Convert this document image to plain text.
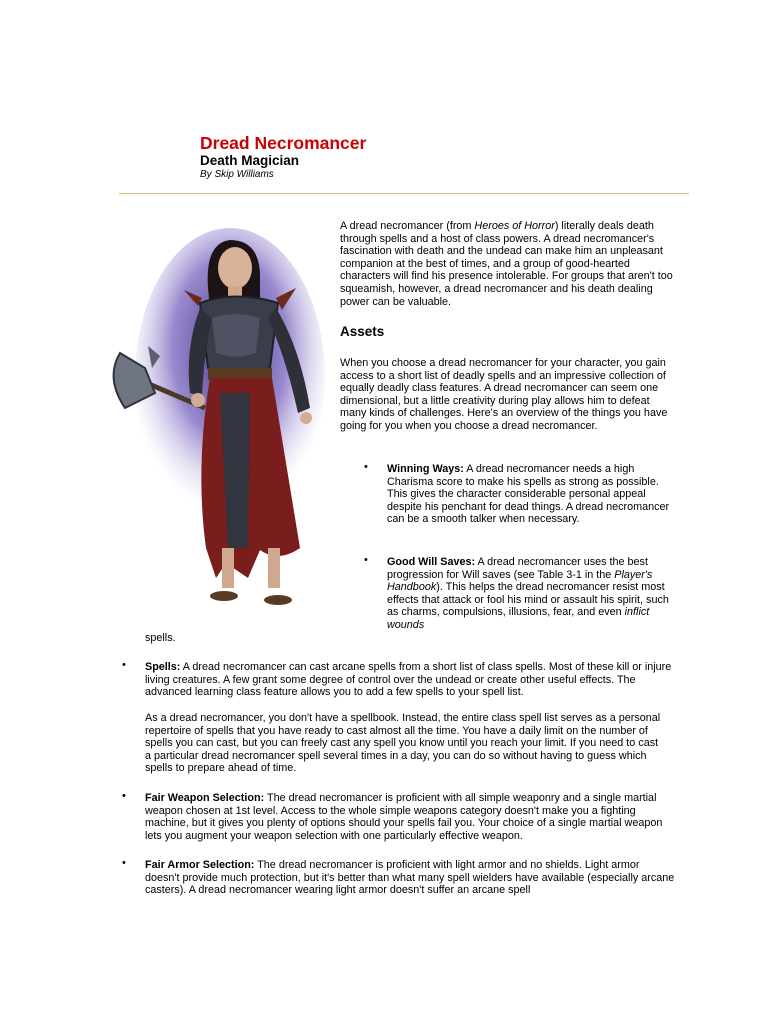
Dread Necromancer
Death Magician
By Skip Williams

A dread necromancer (from Heroes of Horror) literally deals death through spells and a host of class powers. A dread necromancer's fascination with death and the undead can make him an unpleasant companion at the best of times, and a group of good-hearted characters will find his presence intolerable. For groups that aren't too squeamish, however, a dread necromancer and his death dealing power can be valuable.

Assets

When you choose a dread necromancer for your character, you gain access to a short list of deadly spells and an impressive collection of equally deadly class features. A dread necromancer can seem one dimensional, but a little creativity during play allows him to defeat many kinds of challenges. Here's an overview of the things you have going for you when you choose a dread necromancer.

• Winning Ways: A dread necromancer needs a high Charisma score to make his spells as strong as possible. This gives the character considerable personal appeal despite his penchant for dead things. A dread necromancer can be a smooth talker when necessary.
• Good Will Saves: A dread necromancer uses the best progression for Will saves (see Table 3-1 in the Player's Handbook). This helps the dread necromancer resist most effects that attack or fool his mind or assault his spirit, such as charms, compulsions, illusions, fear, and even inflict wounds
spells.
• Spells: A dread necromancer can cast arcane spells from a short list of class spells. Most of these kill or injure living creatures. A few grant some degree of control over the undead or create other useful effects. The advanced learning class feature allows you to add a few spells to your spell list.
As a dread necromancer, you don't have a spellbook. Instead, the entire class spell list serves as a personal repertoire of spells that you have ready to cast almost all the time. You have a daily limit on the number of spells you can cast, but you can freely cast any spell you know until you reach your limit. If you need to cast a particular dread necromancer spell several times in a day, you can do so without having to guess which spells to prepare ahead of time.
• Fair Weapon Selection: The dread necromancer is proficient with all simple weaponry and a single martial weapon chosen at 1st level. Access to the whole simple weapons category doesn't make you a fighting machine, but it gives you plenty of options should your spells fail you. Your choice of a single martial weapon lets you augment your weapon selection with one particularly effective weapon.
• Fair Armor Selection: The dread necromancer is proficient with light armor and no shields. Light armor doesn't provide much protection, but it's better than what many spell wielders have available (especially arcane casters). A dread necromancer wearing light armor doesn't suffer an arcane spell
